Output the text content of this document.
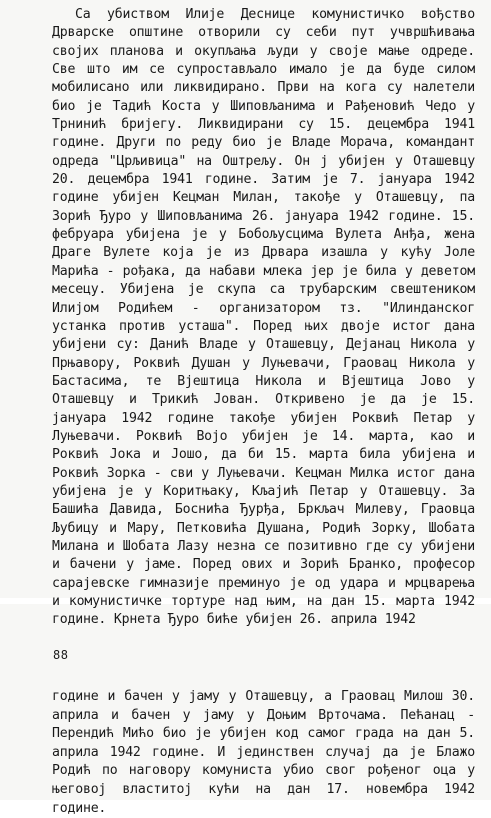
Са убиством Илије Деснице комунистичко вођство Дрварске општине отворили су себи пут учвршћивања својих планова и окупљања људи у своје мање одреде. Све што им се супростављало имало је да буде силом мобилисано или ликвидирано. Први на кога су налетели био је Тадић Коста у Шиповљанима и Рађеновић Чедо у Трнинић бријегу. Ликвидирани су 15. децембра 1941 године. Други по реду био је Владе Морача, командант одреда "Црљивица" на Оштрељу. Он ј убијен у Оташевцу 20. децембра 1941 године. Затим је 7. јануара 1942 године убијен Кецман Милан, такође у Оташевцу, па Зорић Ђуро у Шиповљанима 26. јануара 1942 године. 15. фебруара убијена је у Бобољусцима Вулета Анђа, жена Драге Вулете која је из Дрвара изашла у кућу Јоле Марића - рођака, да набави млека јер је била у деветом месецу. Убијена је скупа са трубарским свештеником Илијом Родићем - организатором тз. "Илинданског устанка против усташа". Поред њих двоје истог дана убијени су: Данић Владе у Оташевцу, Дејанац Никола у Прњавору, Роквић Душан у Луњевачи, Граовац Никола у Бастасима, те Вјештица Никола и Вјештица Јово у Оташевцу и Трикић Јован. Откривено је да је 15. јануара 1942 године такође убијен Роквић Петар у Луњевачи. Роквић Војо убијен је 14. марта, као и Роквић Јока и Јошо, да би 15. марта била убијена и Роквић Зорка - сви у Луњевачи. Кецман Милка истог дана убијена је у Коритњаку, Кљајић Петар у Оташевцу. За Башића Давида, Боснића Ђурђа, Бркљач Милеву, Граовца Љубицу и Мару, Петковића Душана, Родић Зорку, Шобата Милана и Шобата Лазу незна се позитивно где су убијени и бачени у јаме. Поред ових и Зорић Бранко, професор сарајевске гимназије преминуо је од удара и мрцварења и комунистичке тортуре над њим, на дан 15. марта 1942 године. Крнета Ђуро биће убијен 26. априла 1942

88

године и бачен у јаму у Оташевцу, а Граовац Милош 30. априла и бачен у јаму у Доњим Врточама. Пећанац - Перендић Мићо био је убијен код самог града на дан 5. априла 1942 године. И јединствен случај да је Блажо Родић по наговору комуниста убио свог рођеног оца у његовој властитој кући на дан 17. новембра 1942 године.
